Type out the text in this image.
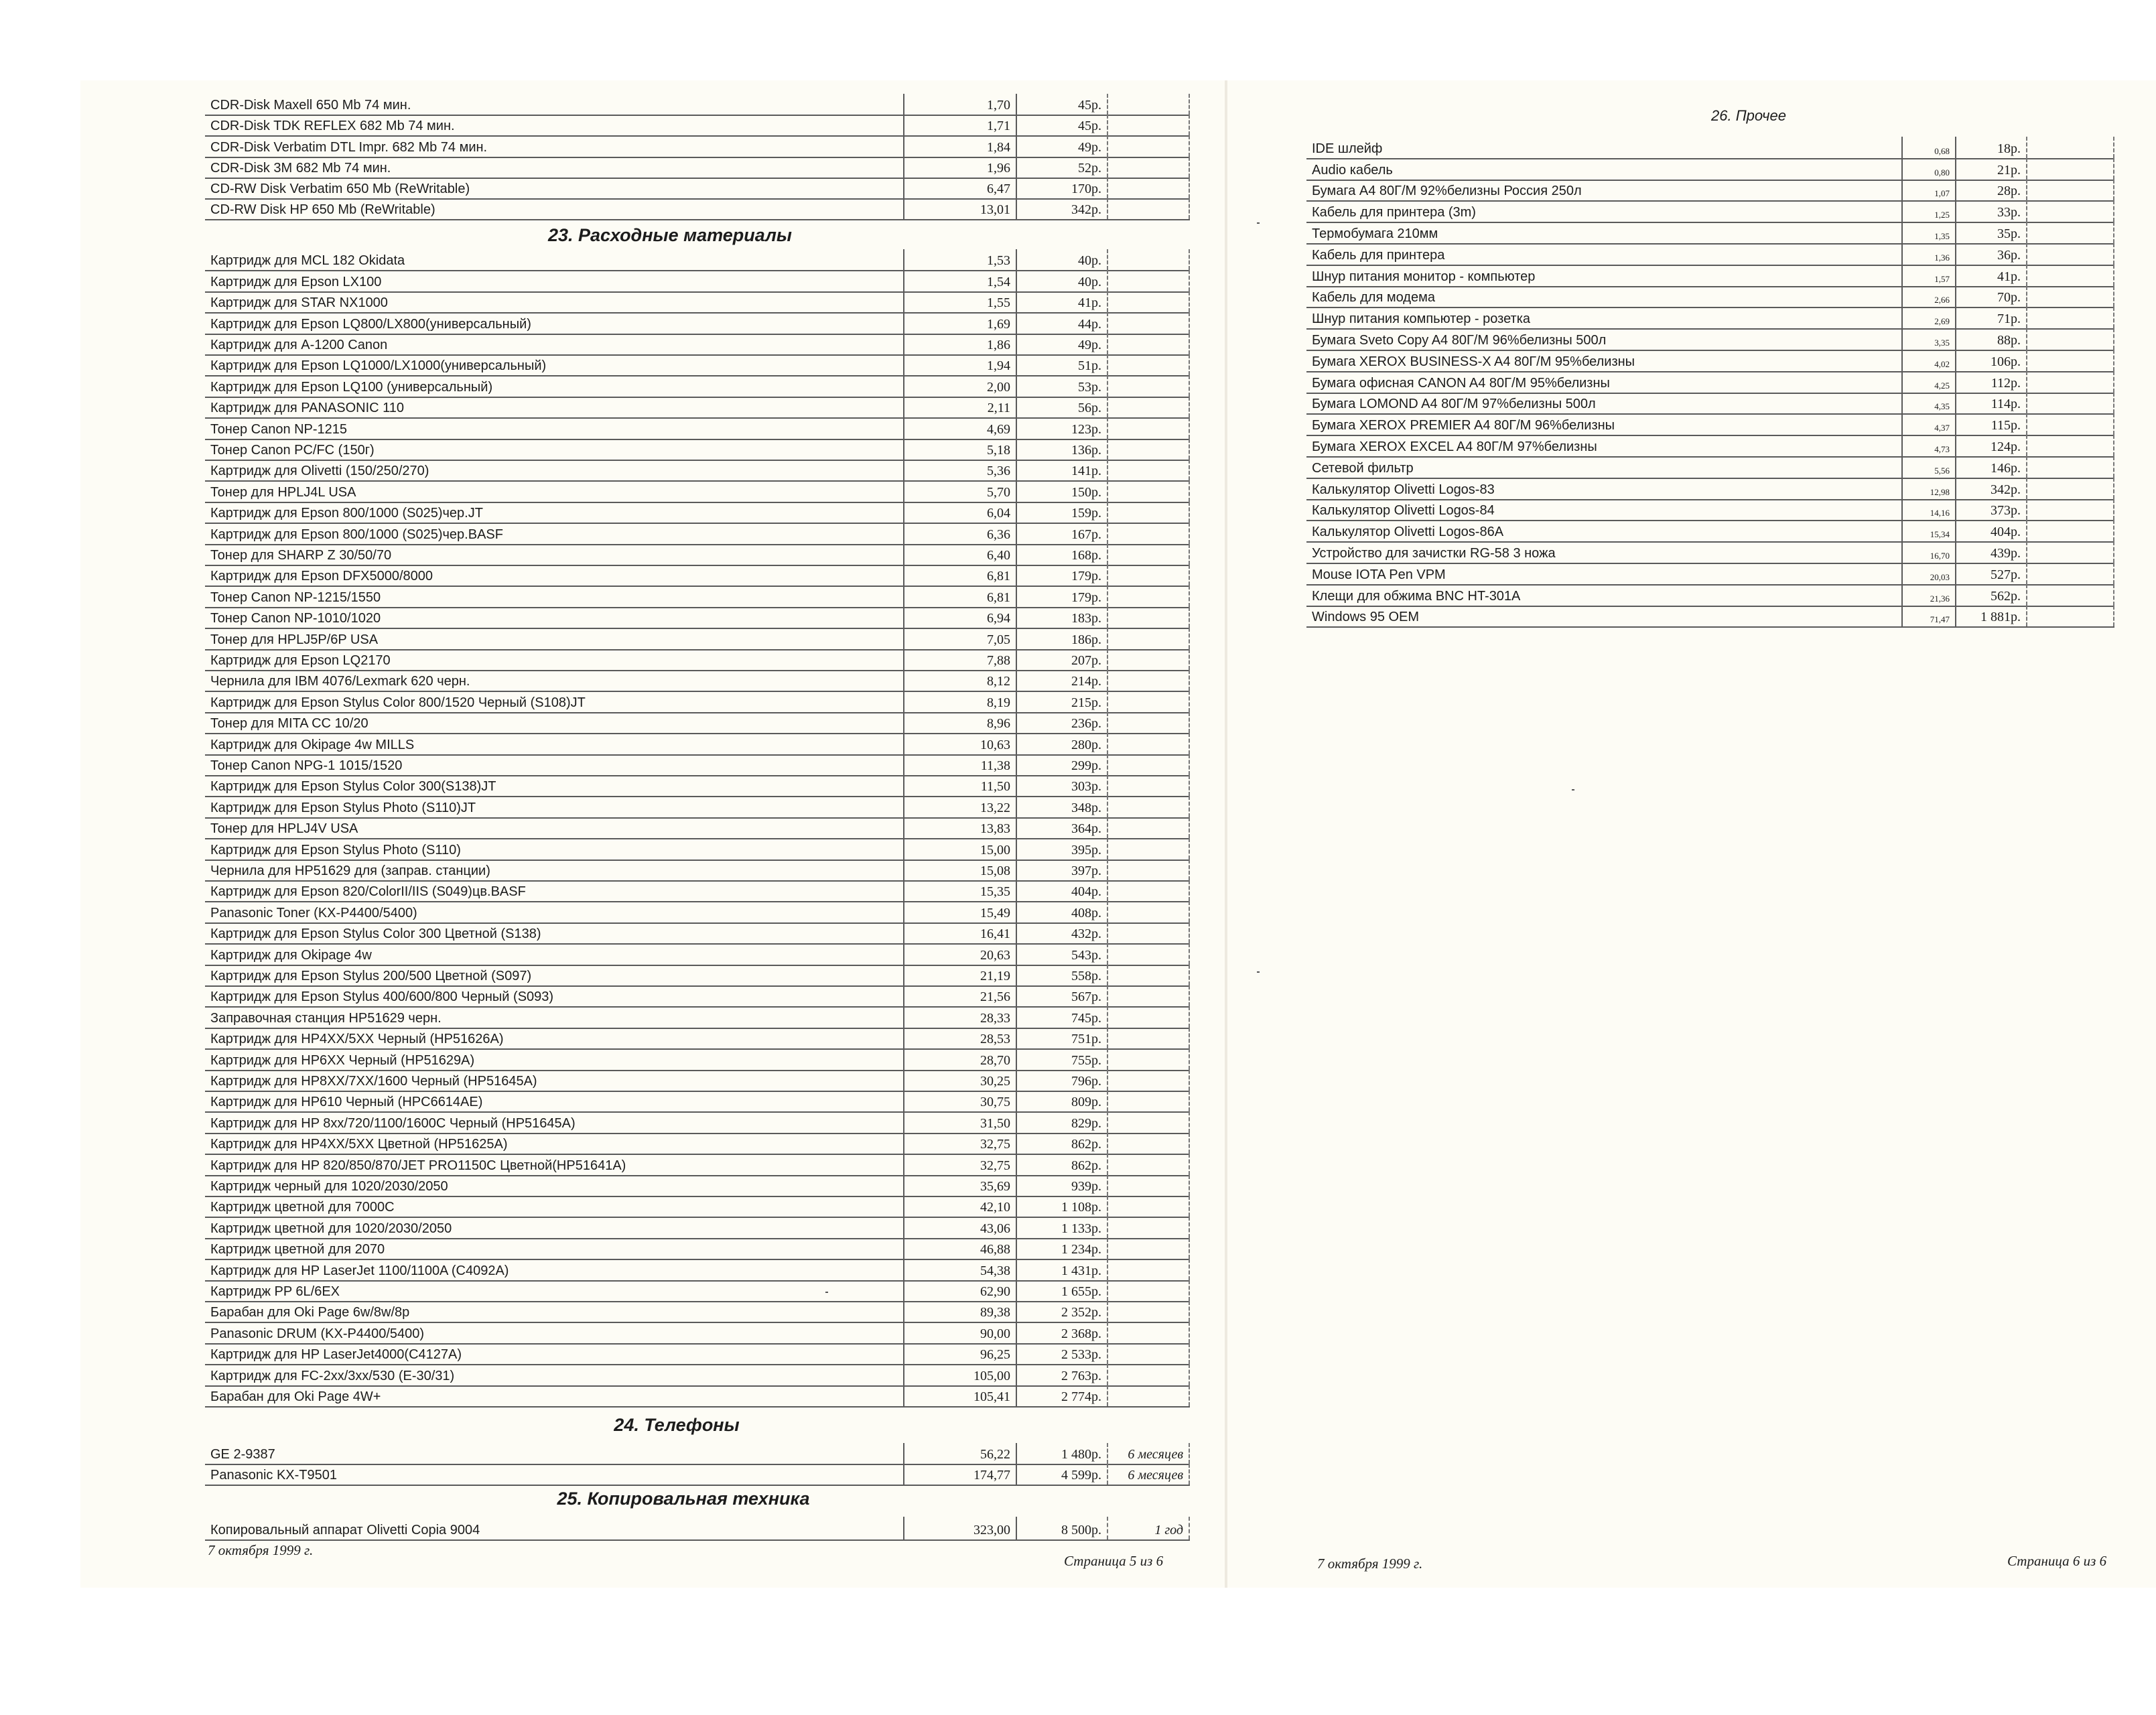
CDR-Disk Maxell 650 Mb 74 мин.	1,70	45р.
CDR-Disk TDK REFLEX 682 Mb 74 мин.	1,71	45р.
CDR-Disk Verbatim DTL Impr. 682 Mb 74 мин.	1,84	49р.
CDR-Disk 3M 682 Mb 74 мин.	1,96	52р.
CD-RW Disk Verbatim 650 Mb (ReWritable)	6,47	170р.
CD-RW Disk HP 650 Mb (ReWritable)	13,01	342р.
23. Расходные материалы
Картридж для MCL 182 Okidata	1,53	40р.
Картридж для Epson LX100	1,54	40р.
Картридж для STAR NX1000	1,55	41р.
Картридж для Epson LQ800/LX800(универсальный)	1,69	44р.
Картридж для A-1200 Canon	1,86	49р.
Картридж для Epson LQ1000/LX1000(универсальный)	1,94	51р.
Картридж для Epson LQ100 (универсальный)	2,00	53р.
Картридж для PANASONIC 110	2,11	56р.
Тонер Canon NP-1215	4,69	123р.
Тонер Canon PC/FC (150г)	5,18	136р.
Картридж для Olivetti (150/250/270)	5,36	141р.
Тонер для HPLJ4L USA	5,70	150р.
Картридж для Epson 800/1000 (S025)чер.JT	6,04	159р.
Картридж для Epson 800/1000 (S025)чер.BASF	6,36	167р.
Тонер для SHARP Z 30/50/70	6,40	168р.
Картридж для Epson DFX5000/8000	6,81	179р.
Тонер Canon NP-1215/1550	6,81	179р.
Тонер Canon NP-1010/1020	6,94	183р.
Тонер для HPLJ5P/6P USA	7,05	186р.
Картридж для Epson LQ2170	7,88	207р.
Чернила для IBM 4076/Lexmark 620 черн.	8,12	214р.
Картридж для Epson Stylus Color 800/1520 Черный (S108)JT	8,19	215р.
Тонер для MITA CC 10/20	8,96	236р.
Картридж для Okipage 4w MILLS	10,63	280р.
Тонер Canon NPG-1 1015/1520	11,38	299р.
Картридж для Epson Stylus Color 300(S138)JT	11,50	303р.
Картридж для Epson Stylus Photo (S110)JT	13,22	348р.
Тонер для HPLJ4V USA	13,83	364р.
Картридж для Epson Stylus Photo (S110)	15,00	395р.
Чернила для HP51629 для (заправ. станции)	15,08	397р.
Картридж для Epson 820/ColorII/IIS (S049)цв.BASF	15,35	404р.
Panasonic Toner (KX-P4400/5400)	15,49	408р.
Картридж для Epson Stylus Color 300 Цветной (S138)	16,41	432р.
Картридж для Okipage 4w	20,63	543р.
Картридж для Epson Stylus 200/500 Цветной (S097)	21,19	558р.
Картридж для Epson Stylus 400/600/800 Черный (S093)	21,56	567р.
Заправочная станция HP51629 черн.	28,33	745р.
Картридж для HP4XX/5XX Черный (HP51626A)	28,53	751р.
Картридж для HP6XX Черный (HP51629A)	28,70	755р.
Картридж для HP8XX/7XX/1600 Черный (HP51645A)	30,25	796р.
Картридж для HP610 Черный (HPC6614AE)	30,75	809р.
Картридж для HP 8xx/720/1100/1600C Черный (HP51645A)	31,50	829р.
Картридж для HP4XX/5XX Цветной (HP51625A)	32,75	862р.
Картридж для HP 820/850/870/JET PRO1150C Цветной(HP51641A)	32,75	862р.
Картридж черный для 1020/2030/2050	35,69	939р.
Картридж цветной для 7000C	42,10	1 108р.
Картридж цветной для 1020/2030/2050	43,06	1 133р.
Картридж цветной для 2070	46,88	1 234р.
Картридж для HP LaserJet 1100/1100A (C4092A)	54,38	1 431р.
Картридж PP 6L/6EX	62,90	1 655р.
Барабан для Oki Page 6w/8w/8p	89,38	2 352р.
Panasonic DRUM (KX-P4400/5400)	90,00	2 368р.
Картридж для HP LaserJet4000(C4127A)	96,25	2 533р.
Картридж для FC-2xx/3xx/530 (E-30/31)	105,00	2 763р.
Барабан для Oki Page 4W+	105,41	2 774р.
24. Телефоны
GE 2-9387	56,22	1 480р.	6 месяцев
Panasonic KX-T9501	174,77	4 599р.	6 месяцев
25. Копировальная техника
Копировальный аппарат Olivetti Copia 9004	323,00	8 500р.	1 год
7 октября 1999 г.
Страница 5 из 6
26. Прочее
IDE шлейф	0,68	18р.
Audio кабель	0,80	21р.
Бумага A4 80Г/М 92%белизны Россия 250л	1,07	28р.
Кабель для принтера (3m)	1,25	33р.
Термобумага 210мм	1,35	35р.
Кабель для принтера	1,36	36р.
Шнур питания монитор - компьютер	1,57	41р.
Кабель для модема	2,66	70р.
Шнур питания компьютер - розетка	2,69	71р.
Бумага Sveto Copy A4 80Г/М 96%белизны 500л	3,35	88р.
Бумага XEROX BUSINESS-X A4 80Г/М 95%белизны	4,02	106р.
Бумага офисная CANON A4 80Г/М 95%белизны	4,25	112р.
Бумага LOMOND A4 80Г/М 97%белизны 500л	4,35	114р.
Бумага XEROX PREMIER A4 80Г/М 96%белизны	4,37	115р.
Бумага XEROX EXCEL A4 80Г/М 97%белизны	4,73	124р.
Сетевой фильтр	5,56	146р.
Калькулятор Olivetti Logos-83	12,98	342р.
Калькулятор Olivetti Logos-84	14,16	373р.
Калькулятор Olivetti Logos-86A	15,34	404р.
Устройство для зачистки RG-58 3 ножа	16,70	439р.
Mouse IOTA Pen VPM	20,03	527р.
Клещи для обжима BNC HT-301A	21,36	562р.
Windows 95 OEM	71,47	1 881р.
7 октября 1999 г.	Страница 6 из 6
